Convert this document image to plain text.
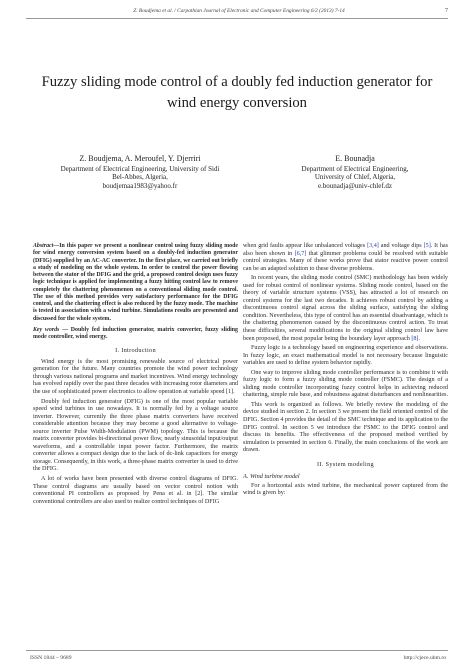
Z. Boudjema et al. / Carpathian Journal of Electronic and Computer Engineering 6/2 (2013) 7-14	7
Fuzzy sliding mode control of a doubly fed induction generator for wind energy conversion
Z. Boudjema, A. Meroufel, Y. Djerriri
Department of Electrical Engineering, University of Sidi
Bel-Abbes, Algeria,
boudjemaa1983@yahoo.fr
E. Bounadja
Department of Electrical Engineering,
University of Chlef, Algeria,
e.bounadja@univ-chlef.dz

Abstract—In this paper we present a nonlinear control using fuzzy sliding mode for wind energy conversion system based on a doubly-fed induction generator (DFIG) supplied by an AC-AC converter. In the first place, we carried out briefly a study of modeling on the whole system. In order to control the power flowing between the stator of the DFIG and the grid, a proposed control design uses fuzzy logic technique is applied for implementing a fuzzy hitting control law to remove completely the chattering phenomenon on a conventional sliding mode control. The use of this method provides very satisfactory performance for the DFIG control, and the chattering effect is also reduced by the fuzzy mode. The machine is tested in association with a wind turbine. Simulations results are presented and discussed for the whole system.

Key words — Doubly fed induction generator, matrix converter, fuzzy sliding mode controller, wind energy.

I. Introduction

Wind energy is the most promising renewable source of electrical power generation for the future. Many countries promote the wind power technology through various national programs and market incentives. Wind energy technology has evolved rapidly over the past three decades with increasing rotor diameters and the use of sophisticated power electronics to allow operation at variable speed [1].

Doubly fed induction generator (DFIG) is one of the most popular variable speed wind turbines in use nowadays. It is normally fed by a voltage source inverter. However, currently the three phase matrix converters have received considerable attention because they may become a good alternative to voltage-source inverter Pulse Width-Modulation (PWM) topology. This is because the matrix converter provides bi-directional power flow, nearly sinusoidal input/output waveforms, and a controllable input power factor. Furthermore, the matrix converter allows a compact design due to the lack of dc-link capacitors for energy storage. Consequently, in this work, a three-phase matrix converter is used to drive the DFIG.

A lot of works have been presented with diverse control diagrams of DFIG. These control diagrams are usually based on vector control notion with conventional PI controllers as proposed by Pena et al. in [2]. The similar conventional controllers are also used to realize control techniques of DFIG

when grid faults appear like unbalanced voltages [3,4] and voltage dips [5]. It has also been shown in [6,7] that glimmer problems could be resolved with suitable control strategies. Many of these works prove that stator reactive power control can be an adapted solution to these diverse problems.

In recent years, the sliding mode control (SMC) methodology has been widely used for robust control of nonlinear systems. Sliding mode control, based on the theory of variable structure systems (VSS), has attracted a lot of research on control systems for the last two decades. It achieves robust control by adding a discontinuous control signal across the sliding surface, satisfying the sliding condition. Nevertheless, this type of control has an essential disadvantage, which is the chattering phenomenon caused by the discontinuous control action. To treat these difficulties, several modifications to the original sliding control law have been proposed, the most popular being the boundary layer approach [8].

Fuzzy logic is a technology based on engineering experience and observations. In fuzzy logic, an exact mathematical model is not necessary because linguistic variables are used to define system behavior rapidly.

One way to improve sliding mode controller performance is to combine it with fuzzy logic to form a fuzzy sliding mode controller (FSMC). The design of a sliding mode controller incorporating fuzzy control helps in achieving reduced chattering, simple rule base, and robustness against disturbances and nonlinearities.

This work is organized as follows. We briefly review the modeling of the device studied in section 2. In section 3 we present the field oriented control of the DFIG. Section 4 provides the detail of the SMC technique and its application to the DFIG control. In section 5 we introduce the FSMC to the DFIG control and discuss its benefits. The effectiveness of the proposed method verified by simulation is presented in section 6. Finally, the main conclusions of the work are drawn.

II. System modeling

A. Wind turbine model

For a horizontal axis wind turbine, the mechanical power captured from the wind is given by:

ISSN 1844 – 9689	http://cjece.ubm.ro
